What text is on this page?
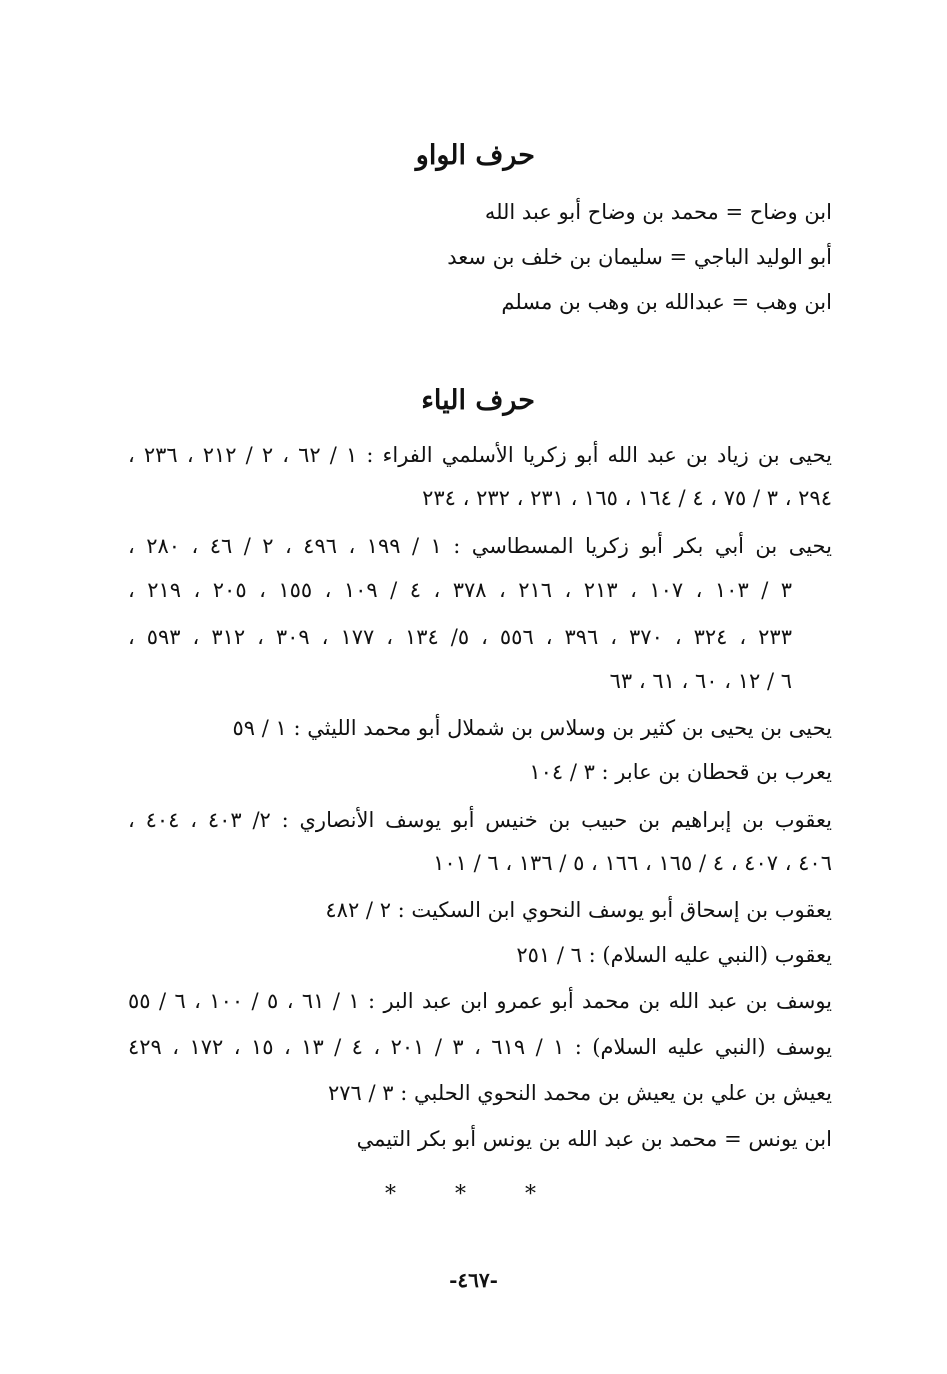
حرف الواو
ابن وضاح = محمد بن وضاح أبو عبد الله
أبو الوليد الباجي = سليمان بن خلف بن سعد
ابن وهب = عبدالله بن وهب بن مسلم
حرف الياء
يحيى بن زياد بن عبد الله أبو زكريا الأسلمي الفراء : ١ / ٦٢ ، ٢ / ٢١٢ ، ٢٣٦ ،
٢٩٤ ، ٣ / ٧٥ ، ٤ / ١٦٤ ، ١٦٥ ، ٢٣١ ، ٢٣٢ ، ٢٣٤
يحيى بن أبي بكر أبو زكريا المسطاسي : ١ / ١٩٩ ، ٤٩٦ ، ٢ / ٤٦ ، ٢٨٠ ،
٣ / ١٠٣ ، ١٠٧ ، ٢١٣ ، ٢١٦ ، ٣٧٨ ، ٤ / ١٠٩ ، ١٥٥ ، ٢٠٥ ، ٢١٩ ،
٢٣٣ ، ٣٢٤ ، ٣٧٠ ، ٣٩٦ ، ٥٥٦ ، ٥/ ١٣٤ ، ١٧٧ ، ٣٠٩ ، ٣١٢ ، ٥٩٣ ،
٦ / ١٢ ، ٦٠ ، ٦١ ، ٦٣
يحيى بن يحيى بن كثير بن وسلاس بن شملال أبو محمد الليثي : ١ / ٥٩
يعرب بن قحطان بن عابر : ٣ / ١٠٤
يعقوب بن إبراهيم بن حبيب بن خنيس أبو يوسف الأنصاري : ٢/ ٤٠٣ ، ٤٠٤ ،
٤٠٦ ، ٤٠٧ ، ٤ / ١٦٥ ، ١٦٦ ، ٥ / ١٣٦ ، ٦ / ١٠١
يعقوب بن إسحاق أبو يوسف النحوي ابن السكيت : ٢ / ٤٨٢
يعقوب (النبي عليه السلام) : ٦ / ٢٥١
يوسف بن عبد الله بن محمد أبو عمرو ابن عبد البر : ١ / ٦١ ، ٥ / ١٠٠ ، ٦ / ٥٥
يوسف (النبي عليه السلام) : ١ / ٦١٩ ، ٣ / ٢٠١ ، ٤ / ١٣ ، ١٥ ، ١٧٢ ، ٤٢٩
يعيش بن علي بن يعيش بن محمد النحوي الحلبي : ٣ / ٢٧٦
ابن يونس = محمد بن عبد الله بن يونس أبو بكر التيمي
* * *
-٤٦٧-
